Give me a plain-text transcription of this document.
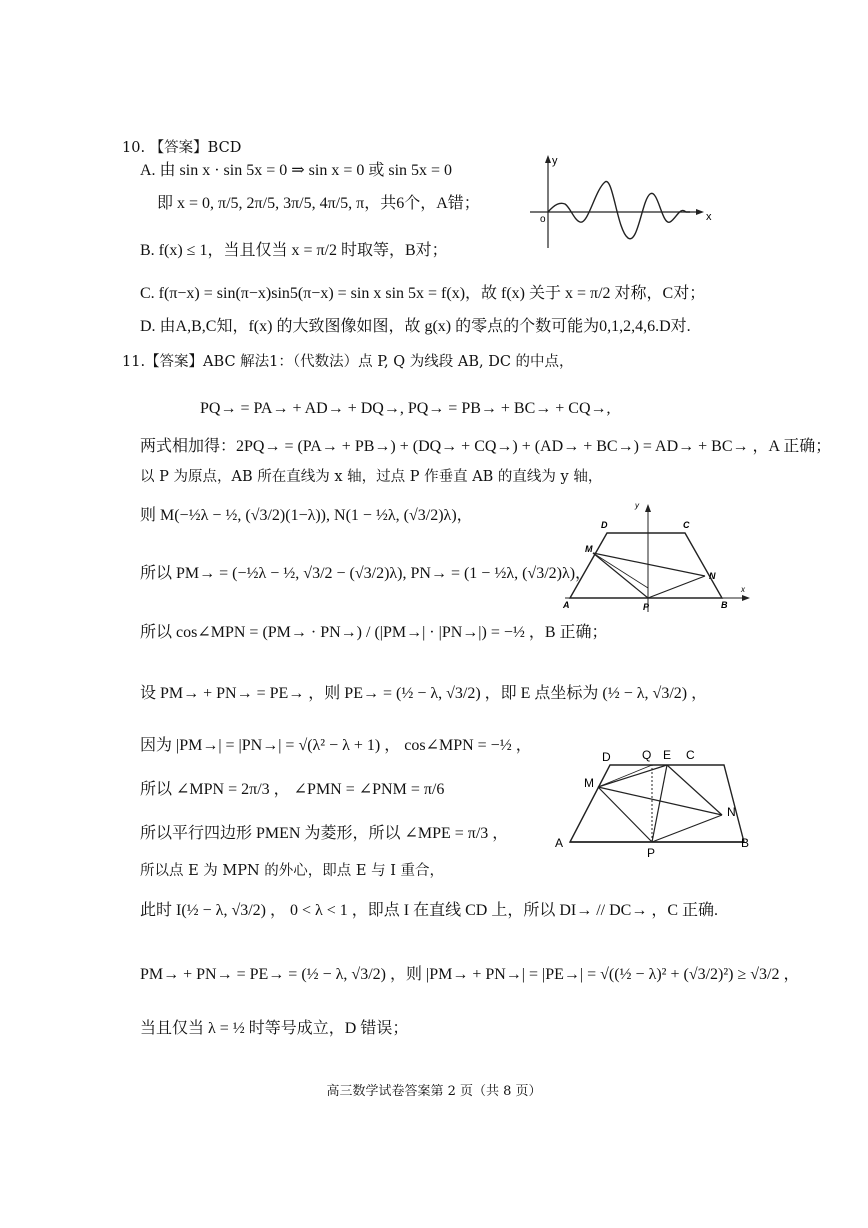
10. 【答案】BCD
A. 由 sin x · sin 5x = 0 ⇒ sin x = 0 或 sin 5x = 0
即 x = 0, π/5, 2π/5, 3π/5, 4π/5, π，共6个，A错；
B. f(x) ≤ 1，当且仅当 x = π/2 时取等，B对；
C. f(π−x) = sin(π−x)sin5(π−x) = sin x sin 5x = f(x)，故 f(x) 关于 x = π/2 对称，C对；
D. 由A,B,C知，f(x) 的大致图像如图，故 g(x) 的零点的个数可能为0,1,2,4,6.D对.
y
x
o
11.【答案】ABC 解法1：（代数法）点 P, Q 为线段 AB, DC 的中点，
PQ→ = PA→ + AD→ + DQ→, PQ→ = PB→ + BC→ + CQ→,
两式相加得：2PQ→ = (PA→ + PB→) + (DQ→ + CQ→) + (AD→ + BC→) = AD→ + BC→ ，A 正确；
以 P 为原点，AB 所在直线为 x 轴，过点 P 作垂直 AB 的直线为 y 轴，
则 M(−½λ − ½, (√3/2)(1−λ)), N(1 − ½λ, (√3/2)λ)，
所以 PM→ = (−½λ − ½, √3/2 − (√3/2)λ), PN→ = (1 − ½λ, (√3/2)λ)，
所以 cos∠MPN = (PM→ · PN→) / (|PM→| · |PN→|) = −½ ，B 正确；
设 PM→ + PN→ = PE→ ，则 PE→ = (½ − λ, √3/2) ，即 E 点坐标为 (½ − λ, √3/2) ，
因为 |PM→| = |PN→| = √(λ² − λ + 1) ， cos∠MPN = −½ ，
所以 ∠MPN = 2π/3 ， ∠PMN = ∠PNM = π/6
所以平行四边形 PMEN 为菱形，所以 ∠MPE = π/3 ，
所以点 E 为 MPN 的外心，即点 E 与 I 重合，
此时 I(½ − λ, √3/2) ， 0 < λ < 1 ，即点 I 在直线 CD 上，所以 DI→ // DC→ ，C 正确.
PM→ + PN→ = PE→ = (½ − λ, √3/2) ，则 |PM→ + PN→| = |PE→| = √((½ − λ)² + (√3/2)²) ≥ √3/2 ，
当且仅当 λ = ½ 时等号成立，D 错误；
D	C
M
N
A	P	B
y
x
D	Q E C
M
N
A
P
B
高三数学试卷答案第 2 页（共 8 页）
